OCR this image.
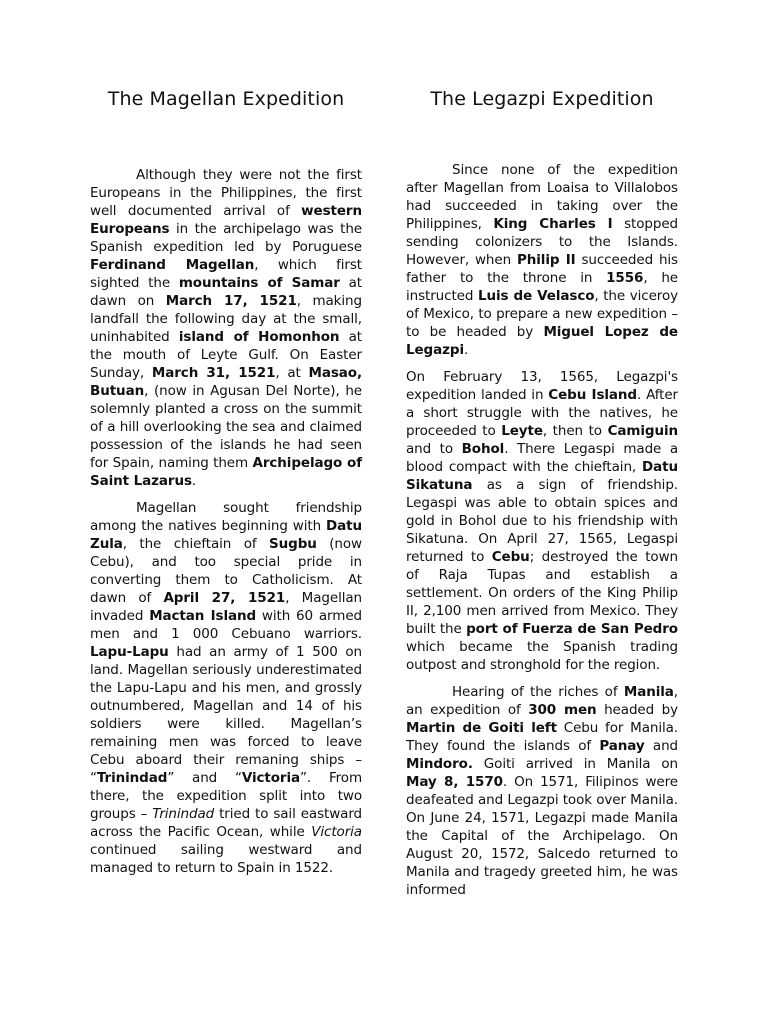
The Magellan Expedition

Although they were not the first Europeans in the Philippines, the first well documented arrival of western Europeans in the archipelago was the Spanish expedition led by Poruguese Ferdinand Magellan, which first sighted the mountains of Samar at dawn on March 17, 1521, making landfall the following day at the small, uninhabited island of Homonhon at the mouth of Leyte Gulf. On Easter Sunday, March 31, 1521, at Masao, Butuan, (now in Agusan Del Norte), he solemnly planted a cross on the summit of a hill overlooking the sea and claimed possession of the islands he had seen for Spain, naming them Archipelago of Saint Lazarus.

Magellan sought friendship among the natives beginning with Datu Zula, the chieftain of Sugbu (now Cebu), and too special pride in converting them to Catholicism. At dawn of April 27, 1521, Magellan invaded Mactan Island with 60 armed men and 1 000 Cebuano warriors. Lapu-Lapu had an army of 1 500 on land. Magellan seriously underestimated the Lapu-Lapu and his men, and grossly outnumbered, Magellan and 14 of his soldiers were killed. Magellan’s remaining men was forced to leave Cebu aboard their remaning ships – “Trinindad” and “Victoria”. From there, the expedition split into two groups – Trinindad tried to sail eastward across the Pacific Ocean, while Victoria continued sailing westward and managed to return to Spain in 1522.

The Legazpi Expedition

Since none of the expedition after Magellan from Loaisa to Villalobos had succeeded in taking over the Philippines, King Charles I stopped sending colonizers to the Islands. However, when Philip II succeeded his father to the throne in 1556, he instructed Luis de Velasco, the viceroy of Mexico, to prepare a new expedition – to be headed by Miguel Lopez de Legazpi.

On February 13, 1565, Legazpi's expedition landed in Cebu Island. After a short struggle with the natives, he proceeded to Leyte, then to Camiguin and to Bohol. There Legaspi made a blood compact with the chieftain, Datu Sikatuna as a sign of friendship. Legaspi was able to obtain spices and gold in Bohol due to his friendship with Sikatuna. On April 27, 1565, Legaspi returned to Cebu; destroyed the town of Raja Tupas and establish a settlement. On orders of the King Philip II, 2,100 men arrived from Mexico. They built the port of Fuerza de San Pedro which became the Spanish trading outpost and stronghold for the region.

Hearing of the riches of Manila, an expedition of 300 men headed by Martin de Goiti left Cebu for Manila. They found the islands of Panay and Mindoro. Goiti arrived in Manila on May 8, 1570. On 1571, Filipinos were deafeated and Legazpi took over Manila. On June 24, 1571, Legazpi made Manila the Capital of the Archipelago. On August 20, 1572, Salcedo returned to Manila and tragedy greeted him, he was informed
